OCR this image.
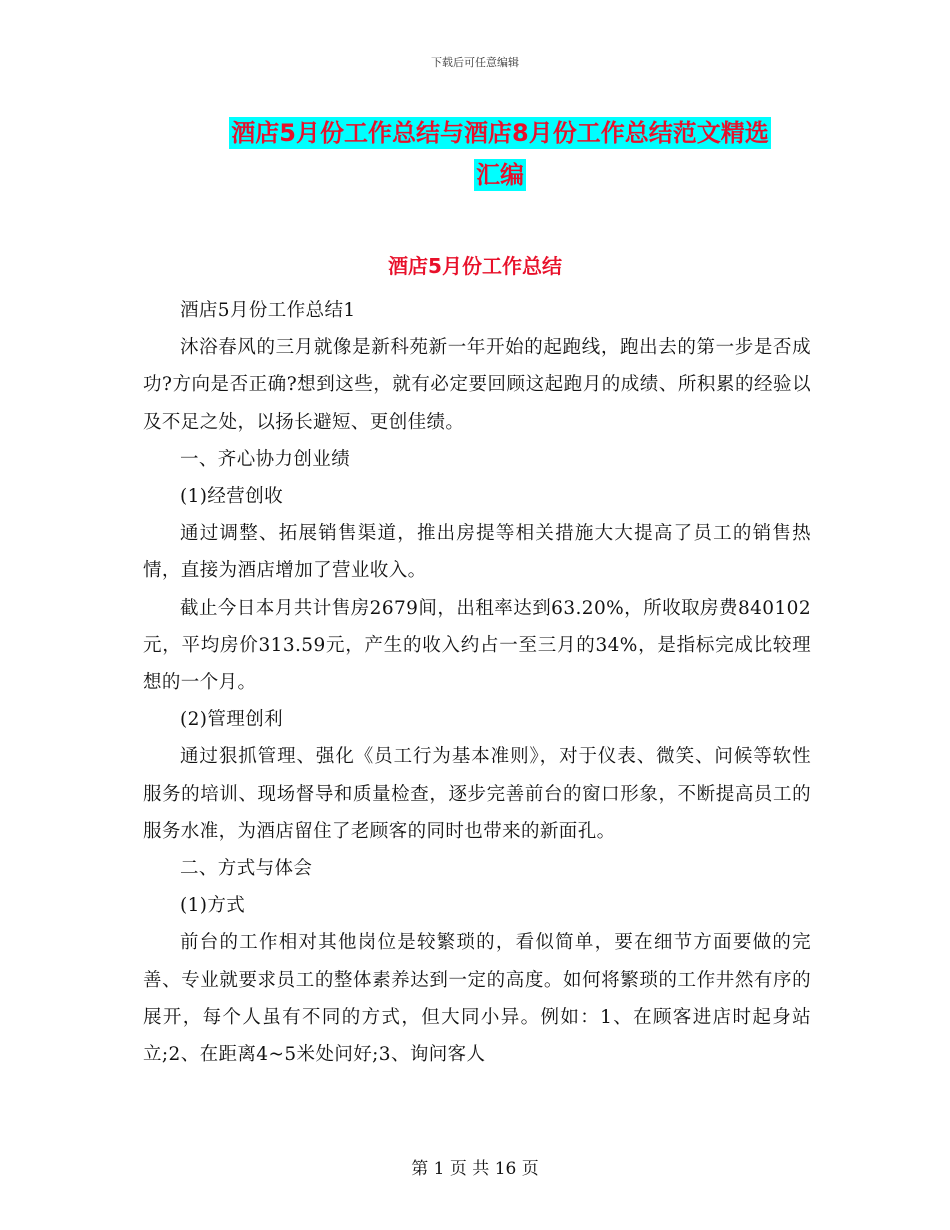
下载后可任意编辑
酒店5月份工作总结与酒店8月份工作总结范文精选
汇编
酒店5月份工作总结

酒店5月份工作总结1

沐浴春风的三月就像是新科苑新一年开始的起跑线，跑出去的第一步是否成功?方向是否正确?想到这些，就有必定要回顾这起跑月的成绩、所积累的经验以及不足之处，以扬长避短、更创佳绩。

一、齐心协力创业绩

(1)经营创收

通过调整、拓展销售渠道，推出房提等相关措施大大提高了员工的销售热情，直接为酒店增加了营业收入。

截止今日本月共计售房2679间，出租率达到63.20%，所收取房费840102元，平均房价313.59元，产生的收入约占一至三月的34%，是指标完成比较理想的一个月。

(2)管理创利

通过狠抓管理、强化《员工行为基本准则》，对于仪表、微笑、问候等软性服务的培训、现场督导和质量检查，逐步完善前台的窗口形象，不断提高员工的服务水准，为酒店留住了老顾客的同时也带来的新面孔。

二、方式与体会

(1)方式

前台的工作相对其他岗位是较繁琐的，看似简单，要在细节方面要做的完善、专业就要求员工的整体素养达到一定的高度。如何将繁琐的工作井然有序的展开，每个人虽有不同的方式，但大同小异。例如：1、在顾客进店时起身站立;2、在距离4~5米处问好;3、询问客人

第 1 页 共 16 页
